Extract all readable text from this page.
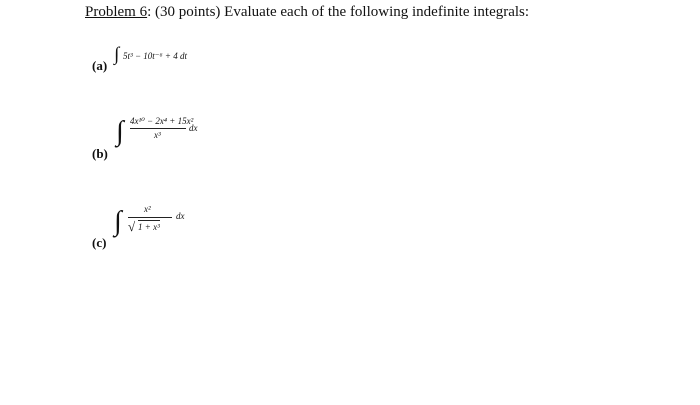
Problem 6: (30 points) Evaluate each of the following indefinite integrals:
(a)
∫ 5t³ − 10t⁻⁶ + 4 dt
(b)
∫ 4x¹⁰ − 2x⁴ + 15x²
x³
dx
(c)
∫ x²
√ 1 + x³
dx
